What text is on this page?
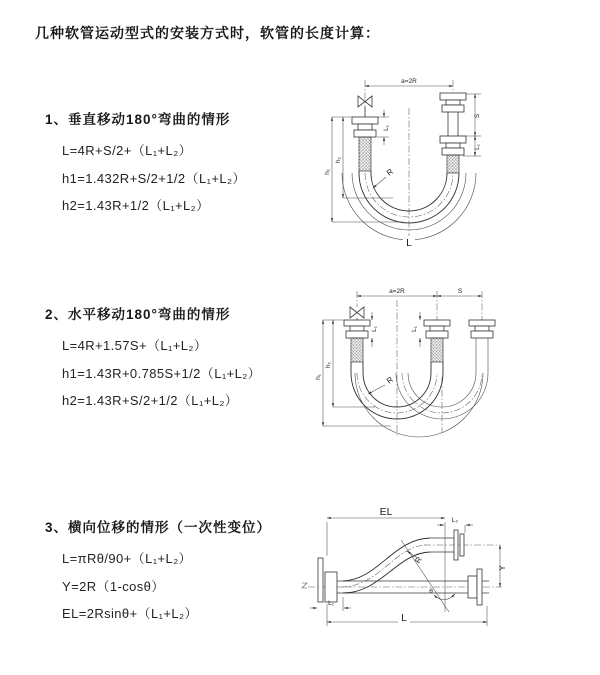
几种软管运动型式的安装方式时，软管的长度计算：
1、垂直移动180°弯曲的情形
L=4R+S/2+（L₁+L₂）
h1=1.432R+S/2+1/2（L₁+L₂）
h2=1.43R+1/2（L₁+L₂）
2、水平移动180°弯曲的情形
L=4R+1.57S+（L₁+L₂）
h1=1.43R+0.785S+1/2（L₁+L₂）
h2=1.43R+S/2+1/2（L₁+L₂）
3、横向位移的情形（一次性变位）
L=πRθ/90+（L₁+L₂）
Y=2R（1-cosθ）
EL=2Rsinθ+（L₁+L₂）
a=2R
R
L
h₁
h₂
L₁
S
L₁
a=2R	S
R
h₁
h₂
L₁	L₁
θ
R
EL
L₂
Y
L₁
L
